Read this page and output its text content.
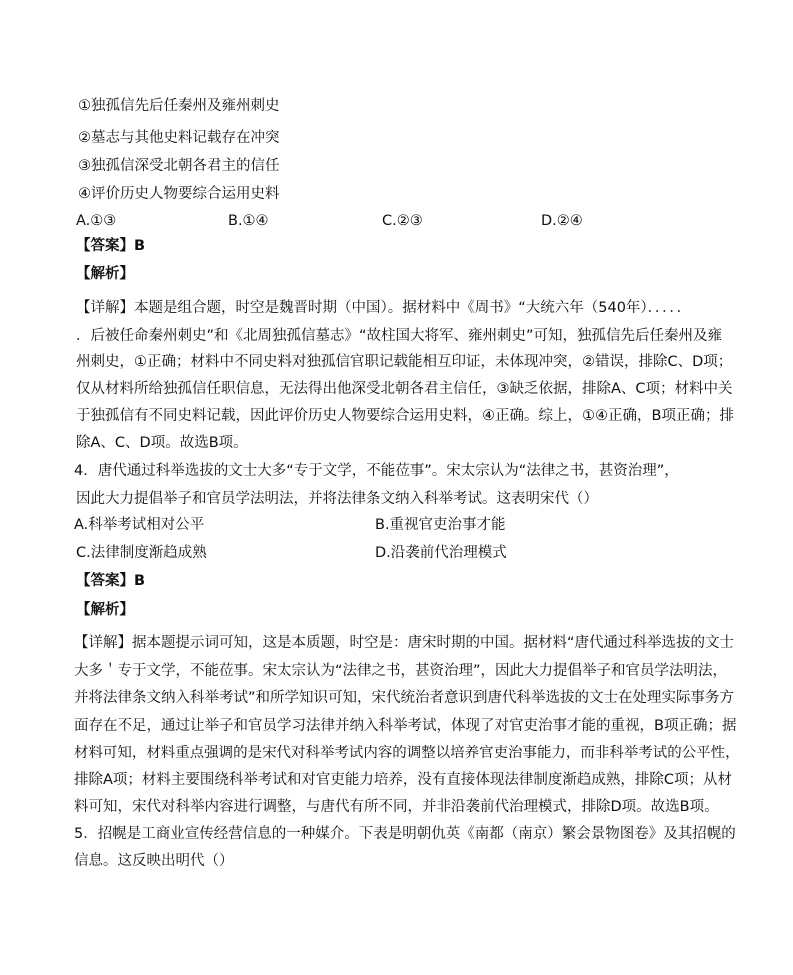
①独孤信先后任秦州及雍州刺史
②墓志与其他史料记载存在冲突
③独孤信深受北朝各君主的信任
④评价历史人物要综合运用史料
A.①③	B.①④	C.②③	D.②④
【答案】B
【解析】
【详解】本题是组合题，时空是魏晋时期（中国）。据材料中《周书》“大统六年（540年）．．．．．
．后被任命秦州刺史”和《北周独孤信墓志》“故柱国大将军、雍州刺史”可知，独孤信先后任秦州及雍
州刺史，①正确；材料中不同史料对独孤信官职记载能相互印证，未体现冲突，②错误，排除C、D项；
仅从材料所给独孤信任职信息，无法得出他深受北朝各君主信任，③缺乏依据，排除A、C项；材料中关
于独孤信有不同史料记载，因此评价历史人物要综合运用史料，④正确。综上，①④正确，B项正确；排
除A、C、D项。故选B项。
4．唐代通过科举选拔的文士大多“专于文学，不能莅事”。宋太宗认为“法律之书，甚资治理”，
因此大力提倡举子和官员学法明法，并将法律条文纳入科举考试。这表明宋代（）
A.科举考试相对公平	B.重视官吏治事才能
C.法律制度渐趋成熟	D.沿袭前代治理模式
【答案】B
【解析】
【详解】据本题提示词可知，这是本质题，时空是：唐宋时期的中国。据材料“唐代通过科举选拔的文士
大多＇专于文学，不能莅事。宋太宗认为“法律之书，甚资治理”，因此大力提倡举子和官员学法明法，
并将法律条文纳入科举考试”和所学知识可知，宋代统治者意识到唐代科举选拔的文士在处理实际事务方
面存在不足，通过让举子和官员学习法律并纳入科举考试，体现了对官吏治事才能的重视，B项正确；据
材料可知，材料重点强调的是宋代对科举考试内容的调整以培养官吏治事能力，而非科举考试的公平性，
排除A项；材料主要围绕科举考试和对官吏能力培养，没有直接体现法律制度渐趋成熟，排除C项；从材
料可知，宋代对科举内容进行调整，与唐代有所不同，并非沿袭前代治理模式，排除D项。故选B项。
5．招幌是工商业宣传经营信息的一种媒介。下表是明朝仇英《南都（南京）繁会景物图卷》及其招幌的
信息。这反映出明代（）
